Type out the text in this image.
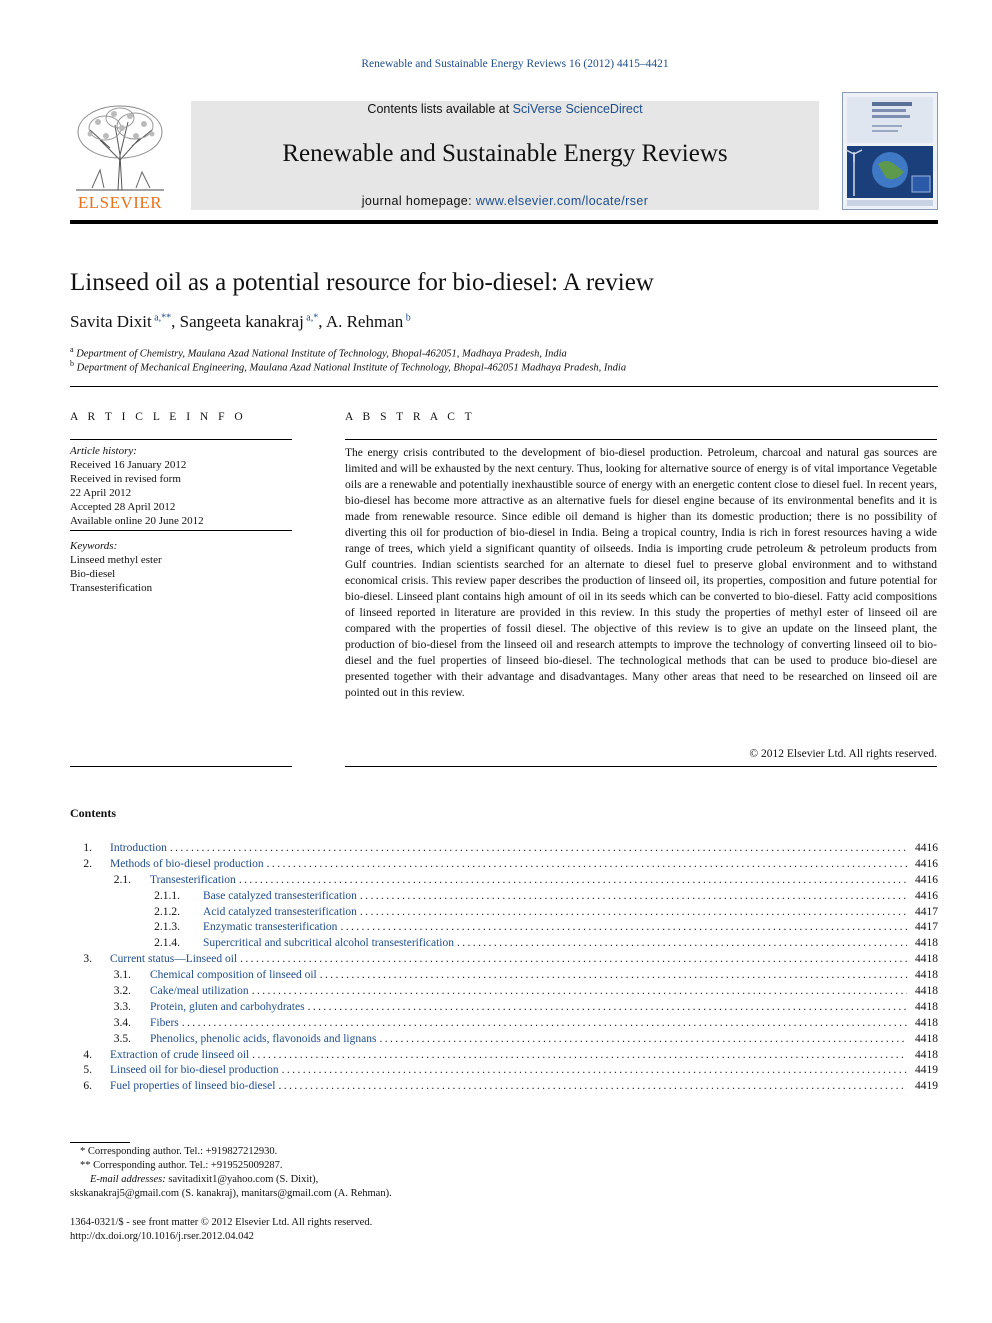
Renewable and Sustainable Energy Reviews 16 (2012) 4415–4421
ELSEVIER
Contents lists available at SciVerse ScienceDirect
Renewable and Sustainable Energy Reviews
journal homepage: www.elsevier.com/locate/rser
Linseed oil as a potential resource for bio-diesel: A review
Savita Dixit $^{a,**}$, Sangeeta kanakraj $^{a,*}$, A. Rehman $^b$
$^a$ Department of Chemistry, Maulana Azad National Institute of Technology, Bhopal-462051, Madhaya Pradesh, India
$^b$ Department of Mechanical Engineering, Maulana Azad National Institute of Technology, Bhopal-462051 Madhaya Pradesh, India
A R T I C L E I N F O
Article history:
Received 16 January 2012
Received in revised form
22 April 2012
Accepted 28 April 2012
Available online 20 June 2012
Keywords:
Linseed methyl ester
Bio-diesel
Transesterification
A B S T R A C T
The energy crisis contributed to the development of bio-diesel production. Petroleum, charcoal and natural gas sources are limited and will be exhausted by the next century. Thus, looking for alternative source of energy is of vital importance Vegetable oils are a renewable and potentially inexhaustible source of energy with an energetic content close to diesel fuel. In recent years, bio-diesel has become more attractive as an alternative fuels for diesel engine because of its environmental benefits and it is made from renewable resource. Since edible oil demand is higher than its domestic production; there is no possibility of diverting this oil for production of bio-diesel in India. Being a tropical country, India is rich in forest resources having a wide range of trees, which yield a significant quantity of oilseeds. India is importing crude petroleum & petroleum products from Gulf countries. Indian scientists searched for an alternate to diesel fuel to preserve global environment and to withstand economical crisis. This review paper describes the production of linseed oil, its properties, composition and future potential for bio-diesel. Linseed plant contains high amount of oil in its seeds which can be converted to bio-diesel. Fatty acid compositions of linseed reported in literature are provided in this review. In this study the properties of methyl ester of linseed oil are compared with the properties of fossil diesel. The objective of this review is to give an update on the linseed plant, the production of bio-diesel from the linseed oil and research attempts to improve the technology of converting linseed oil to bio-diesel and the fuel properties of linseed bio-diesel. The technological methods that can be used to produce bio-diesel are presented together with their advantage and disadvantages. Many other areas that need to be researched on linseed oil are pointed out in this review.
© 2012 Elsevier Ltd. All rights reserved.
Contents
1. Introduction .....	4416
2. Methods of bio-diesel production .....	4416
2.1. Transesterification .....	4416
2.1.1. Base catalyzed transesterification .....	4416
2.1.2. Acid catalyzed transesterification .....	4417
2.1.3. Enzymatic transesterification .....	4417
2.1.4. Supercritical and subcritical alcohol transesterification .....	4418
3. Current status—Linseed oil .....	4418
3.1. Chemical composition of linseed oil .....	4418
3.2. Cake/meal utilization .....	4418
3.3. Protein, gluten and carbohydrates .....	4418
3.4. Fibers .....	4418
3.5. Phenolics, phenolic acids, flavonoids and lignans .....	4418
4. Extraction of crude linseed oil .....	4418
5. Linseed oil for bio-diesel production .....	4419
6. Fuel properties of linseed bio-diesel .....	4419
* Corresponding author. Tel.: +919827212930.
** Corresponding author. Tel.: +919525009287.
E-mail addresses: savitadixit1@yahoo.com (S. Dixit),
skskanakraj5@gmail.com (S. kanakraj), manitars@gmail.com (A. Rehman).
1364-0321/$ - see front matter © 2012 Elsevier Ltd. All rights reserved.
http://dx.doi.org/10.1016/j.rser.2012.04.042
